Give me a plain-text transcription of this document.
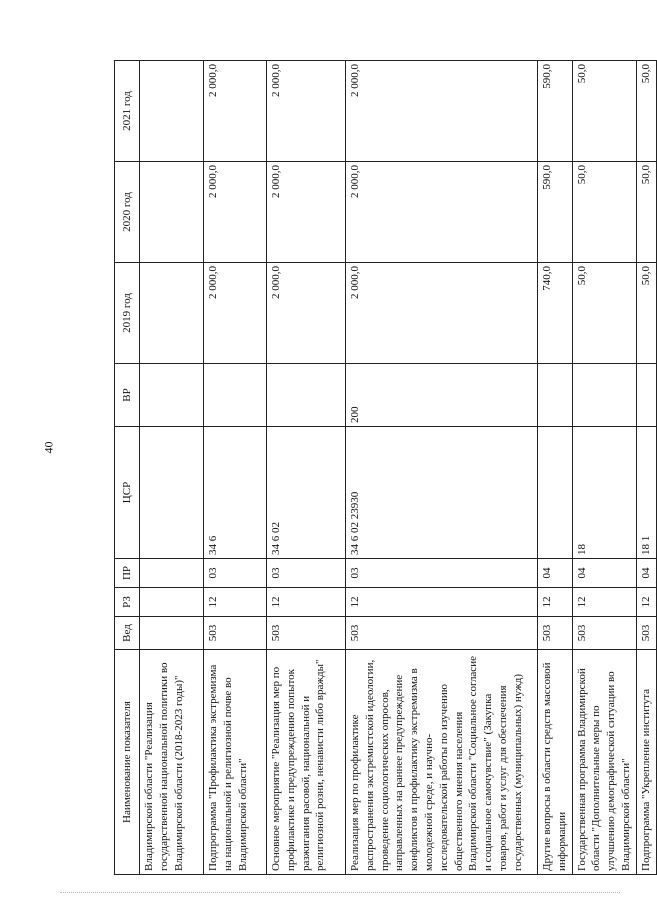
40
Наименование показателя	Вед	РЗ	ПР	ЦСР	ВР	2019 год	2020 год	2021 год
Владимирской области "Реализация государственной национальной политики во Владимирской области (2018-2023 годы)"								
Подпрограмма "Профилактика экстремизма на национальной и религиозной почве во Владимирской области"	503	12	03	34 6		2 000,0	2 000,0	2 000,0
Основное мероприятие "Реализация мер по профилактике и предупреждению попыток разжигания расовой, национальной и религиозной розни, ненависти либо вражды"	503	12	03	34 6 02		2 000,0	2 000,0	2 000,0
Реализация мер по профилактике распространения экстремистской идеологии, проведение социологических опросов, направленных на раннее предупреждение конфликтов и профилактику экстремизма в молодежной среде, и научно-исследовательской работы по изучению общественного мнения населения Владимирской области "Социальное согласие и социальное самочувствие" (Закупка товаров, работ и услуг для обеспечения государственных (муниципальных) нужд)	503	12	03	34 6 02 23930	200	2 000,0	2 000,0	2 000,0
Другие вопросы в области средств массовой информации	503	12	04			740,0	590,0	590,0
Государственная программа Владимирской области "Дополнительные меры по улучшению демографической ситуации во Владимирской области"	503	12	04	18		50,0	50,0	50,0
Подпрограмма "Укрепление института	503	12	04	18 1		50,0	50,0	50,0
